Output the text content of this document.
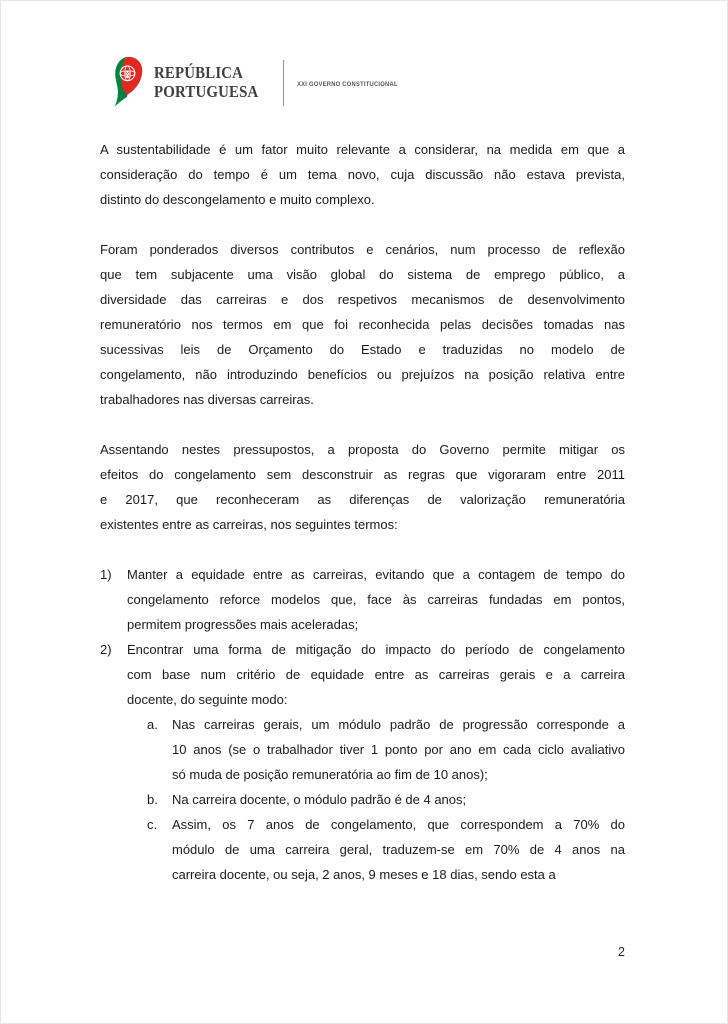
REPÚBLICA
PORTUGUESA	XXI GOVERNO CONSTITUCIONAL
A sustentabilidade é um fator muito relevante a considerar, na medida em que a
consideração do tempo é um tema novo, cuja discussão não estava prevista,
distinto do descongelamento e muito complexo.
Foram ponderados diversos contributos e cenários, num processo de reflexão
que tem subjacente uma visão global do sistema de emprego público, a
diversidade das carreiras e dos respetivos mecanismos de desenvolvimento
remuneratório nos termos em que foi reconhecida pelas decisões tomadas nas
sucessivas leis de Orçamento do Estado e traduzidas no modelo de
congelamento, não introduzindo benefícios ou prejuízos na posição relativa entre
trabalhadores nas diversas carreiras.
Assentando nestes pressupostos, a proposta do Governo permite mitigar os
efeitos do congelamento sem desconstruir as regras que vigoraram entre 2011
e 2017, que reconheceram as diferenças de valorização remuneratória
existentes entre as carreiras, nos seguintes termos:
1) Manter a equidade entre as carreiras, evitando que a contagem de tempo do
congelamento reforce modelos que, face às carreiras fundadas em pontos,
permitem progressões mais aceleradas;
2) Encontrar uma forma de mitigação do impacto do período de congelamento
com base num critério de equidade entre as carreiras gerais e a carreira
docente, do seguinte modo:
a. Nas carreiras gerais, um módulo padrão de progressão corresponde a
10 anos (se o trabalhador tiver 1 ponto por ano em cada ciclo avaliativo
só muda de posição remuneratória ao fim de 10 anos);
b. Na carreira docente, o módulo padrão é de 4 anos;
c. Assim, os 7 anos de congelamento, que correspondem a 70% do
módulo de uma carreira geral, traduzem-se em 70% de 4 anos na
carreira docente, ou seja, 2 anos, 9 meses e 18 dias, sendo esta a
2
